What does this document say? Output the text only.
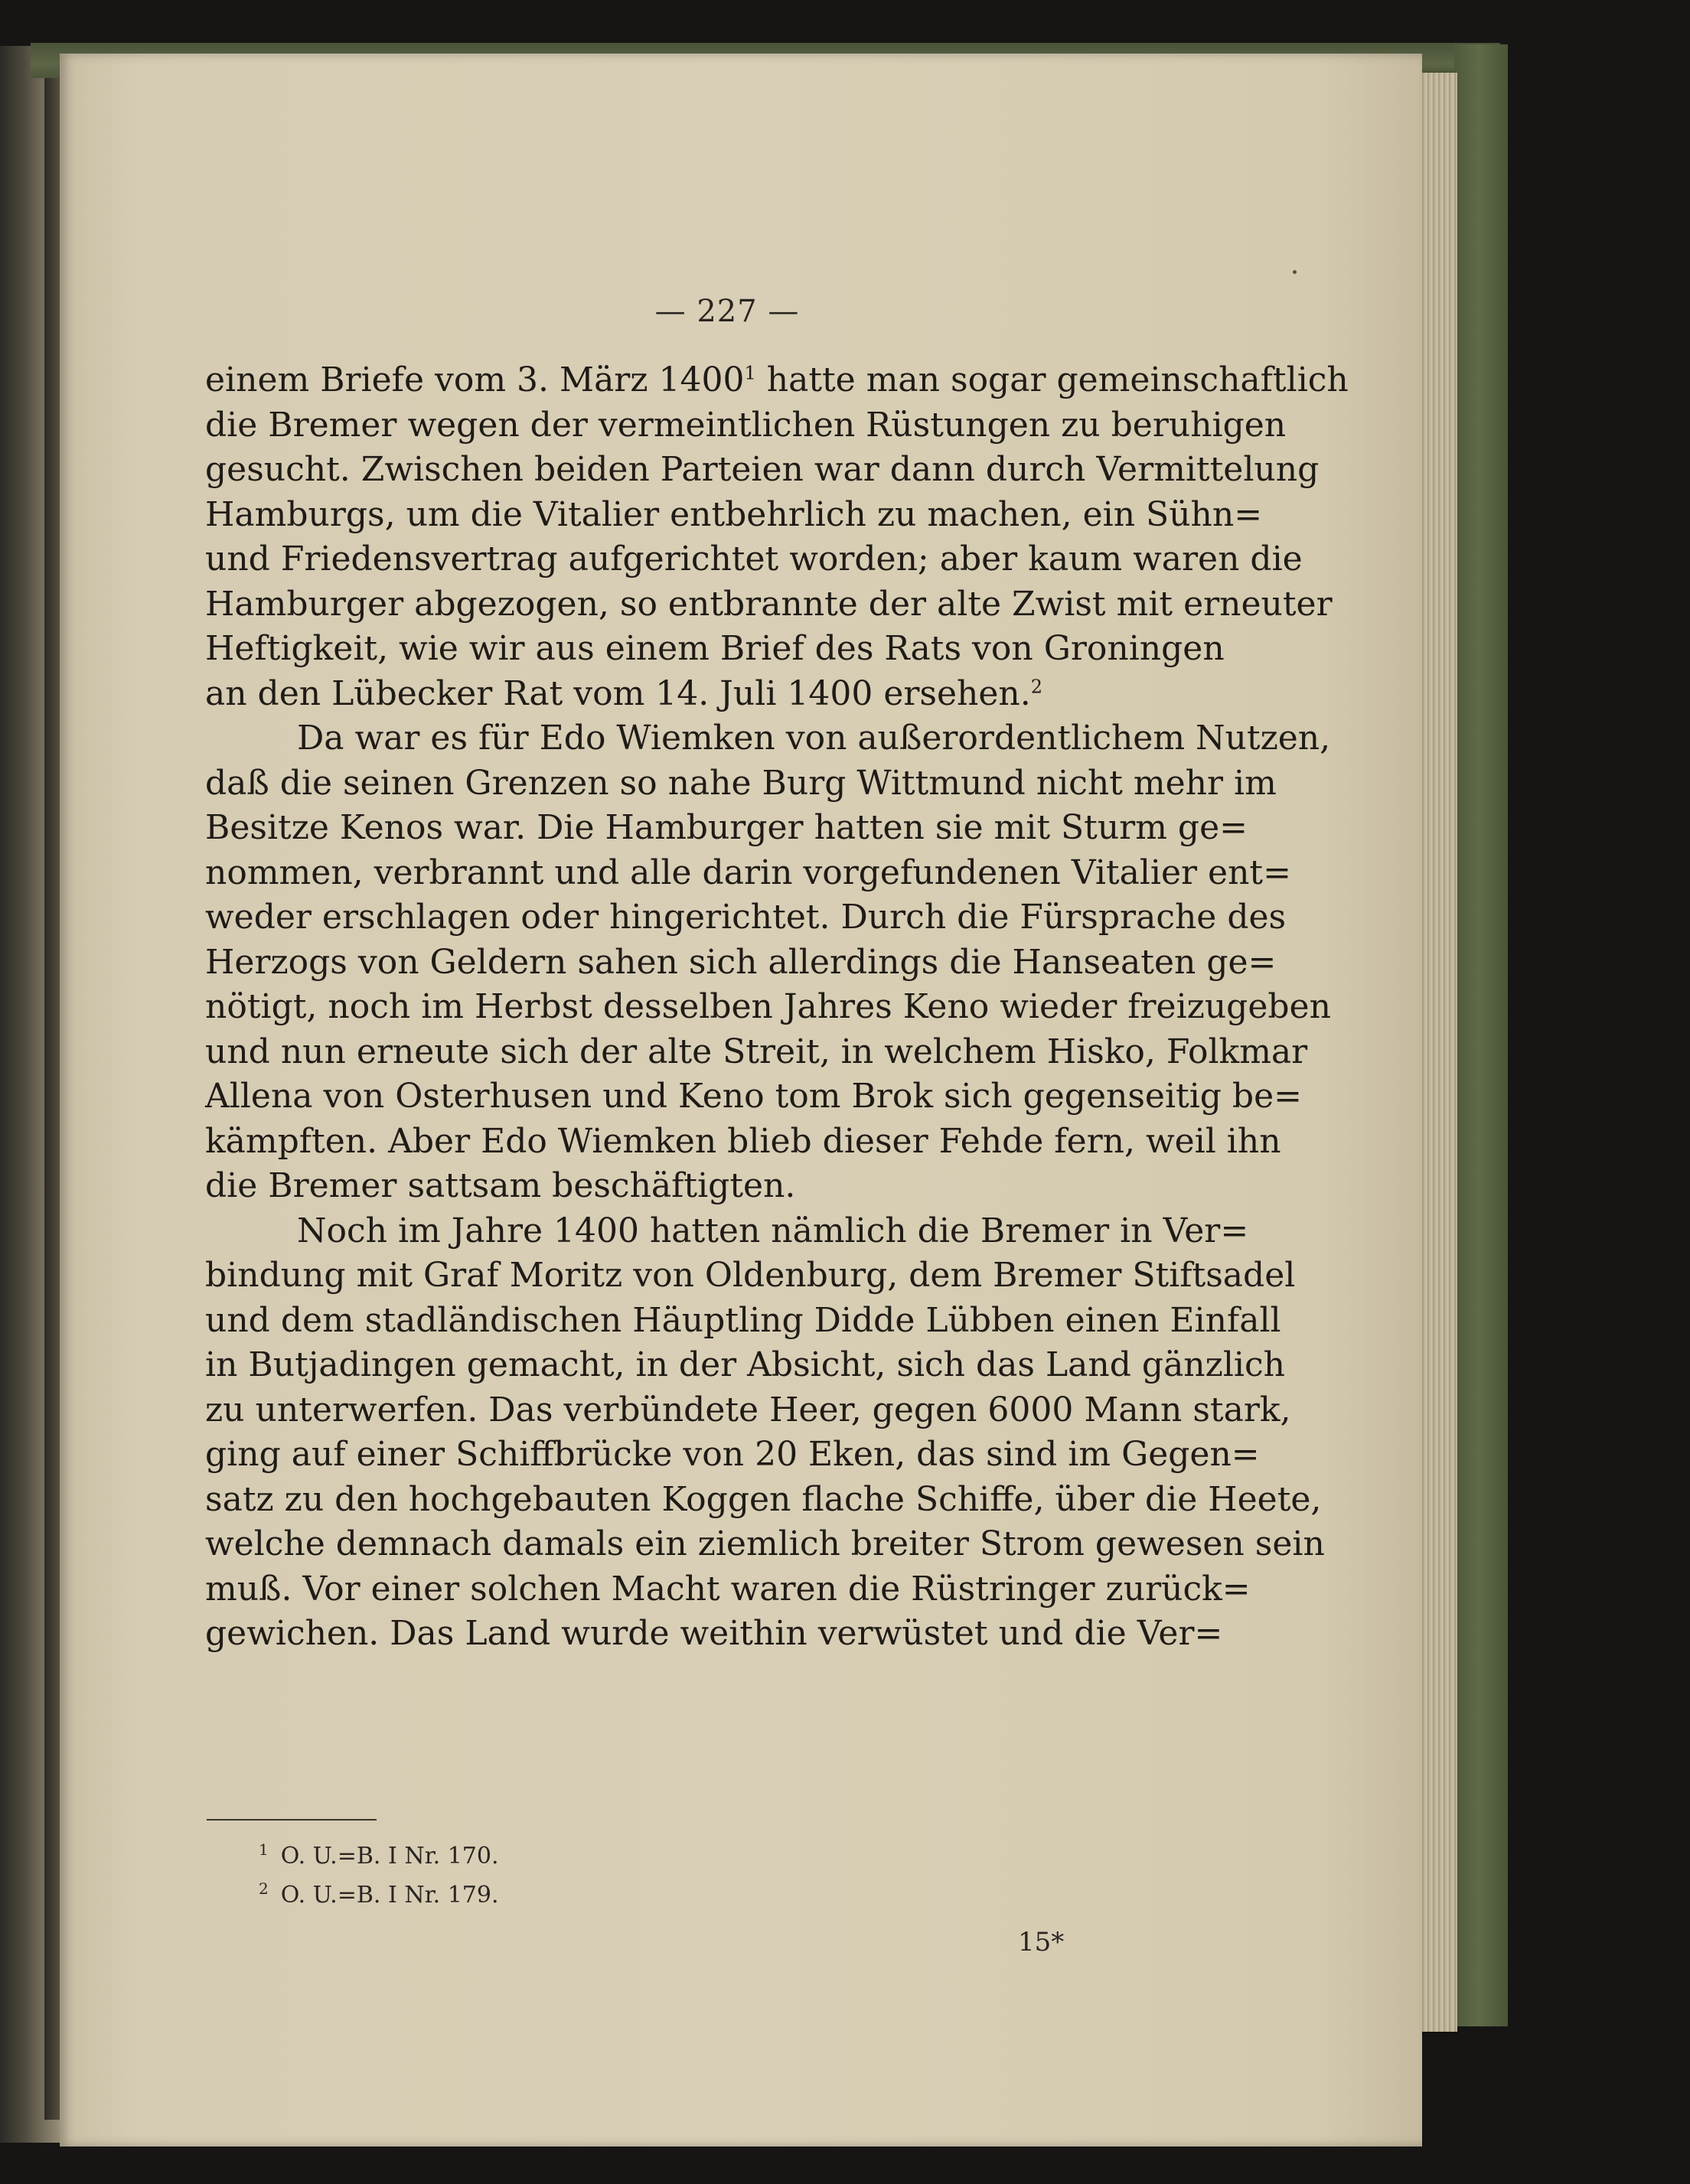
— 227 —
einem Briefe vom 3. März 1400$^1$ hatte man sogar gemeinschaftlich
die Bremer wegen der vermeintlichen Rüstungen zu beruhigen
gesucht. Zwischen beiden Parteien war dann durch Vermittelung
Hamburgs, um die Vitalier entbehrlich zu machen, ein Sühn=
und Friedensvertrag aufgerichtet worden; aber kaum waren die
Hamburger abgezogen, so entbrannte der alte Zwist mit erneuter
Heftigkeit, wie wir aus einem Brief des Rats von Groningen
an den Lübecker Rat vom 14. Juli 1400 ersehen.$^2$
Da war es für Edo Wiemken von außerordentlichem Nutzen,
daß die seinen Grenzen so nahe Burg Wittmund nicht mehr im
Besitze Kenos war. Die Hamburger hatten sie mit Sturm ge=
nommen, verbrannt und alle darin vorgefundenen Vitalier ent=
weder erschlagen oder hingerichtet. Durch die Fürsprache des
Herzogs von Geldern sahen sich allerdings die Hanseaten ge=
nötigt, noch im Herbst desselben Jahres Keno wieder freizugeben
und nun erneute sich der alte Streit, in welchem Hisko, Folkmar
Allena von Osterhusen und Keno tom Brok sich gegenseitig be=
kämpften. Aber Edo Wiemken blieb dieser Fehde fern, weil ihn
die Bremer sattsam beschäftigten.
Noch im Jahre 1400 hatten nämlich die Bremer in Ver=
bindung mit Graf Moritz von Oldenburg, dem Bremer Stiftsadel
und dem stadländischen Häuptling Didde Lübben einen Einfall
in Butjadingen gemacht, in der Absicht, sich das Land gänzlich
zu unterwerfen. Das verbündete Heer, gegen 6000 Mann stark,
ging auf einer Schiffbrücke von 20 Eken, das sind im Gegen=
satz zu den hochgebauten Koggen flache Schiffe, über die Heete,
welche demnach damals ein ziemlich breiter Strom gewesen sein
muß. Vor einer solchen Macht waren die Rüstringer zurück=
gewichen. Das Land wurde weithin verwüstet und die Ver=
$^1$ O. U.=B. I Nr. 170.
$^2$ O. U.=B. I Nr. 179.
15*
